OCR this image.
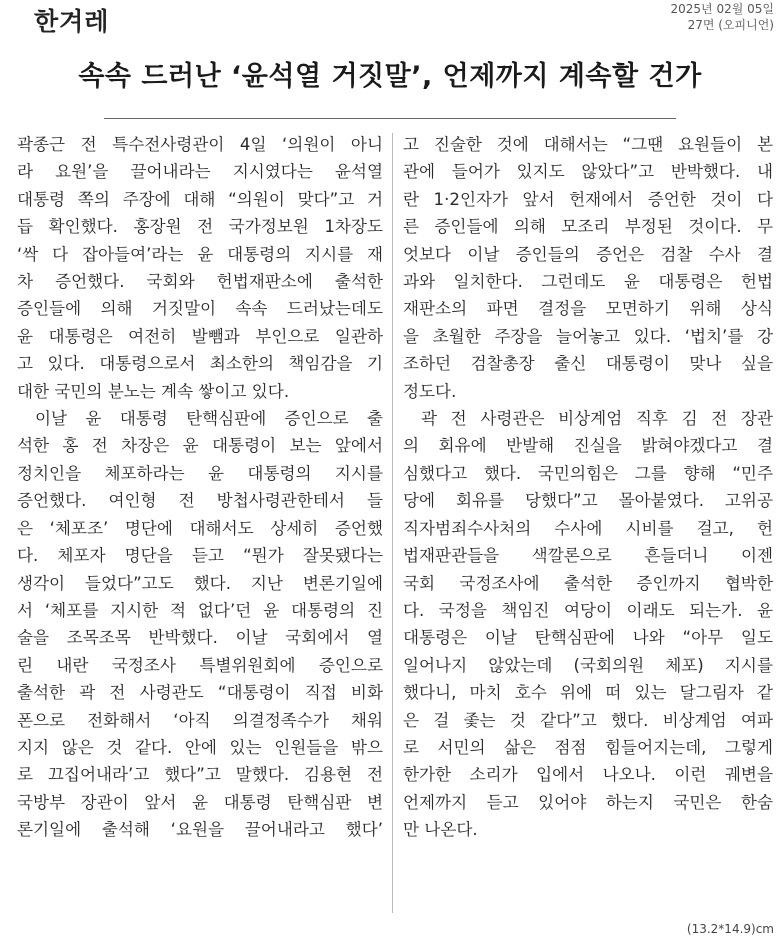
한겨레	2025년 02월 05일
27면 (오피니언)
속속 드러난 ‘윤석열 거짓말’, 언제까지 계속할 건가
곽종근 전 특수전사령관이 4일 ‘의원이 아니
라 요원’을 끌어내라는 지시였다는 윤석열
대통령 쪽의 주장에 대해 “의원이 맞다”고 거
듭 확인했다. 홍장원 전 국가정보원 1차장도
‘싹 다 잡아들여’라는 윤 대통령의 지시를 재
차 증언했다. 국회와 헌법재판소에 출석한
증인들에 의해 거짓말이 속속 드러났는데도
윤 대통령은 여전히 발뺌과 부인으로 일관하
고 있다. 대통령으로서 최소한의 책임감을 기
대한 국민의 분노는 계속 쌓이고 있다.
이날 윤 대통령 탄핵심판에 증인으로 출
석한 홍 전 차장은 윤 대통령이 보는 앞에서
정치인을 체포하라는 윤 대통령의 지시를
증언했다. 여인형 전 방첩사령관한테서 들
은 ‘체포조’ 명단에 대해서도 상세히 증언했
다. 체포자 명단을 듣고 “뭔가 잘못됐다는
생각이 들었다”고도 했다. 지난 변론기일에
서 ‘체포를 지시한 적 없다’던 윤 대통령의 진
술을 조목조목 반박했다. 이날 국회에서 열
린 내란 국정조사 특별위원회에 증인으로
출석한 곽 전 사령관도 “대통령이 직접 비화
폰으로 전화해서 ‘아직 의결정족수가 채워
지지 않은 것 같다. 안에 있는 인원들을 밖으
로 끄집어내라’고 했다”고 말했다. 김용현 전
국방부 장관이 앞서 윤 대통령 탄핵심판 변
론기일에 출석해 ‘요원을 끌어내라고 했다’
고 진술한 것에 대해서는 “그땐 요원들이 본
관에 들어가 있지도 않았다”고 반박했다. 내
란 1·2인자가 앞서 헌재에서 증언한 것이 다
른 증인들에 의해 모조리 부정된 것이다. 무
엇보다 이날 증인들의 증언은 검찰 수사 결
과와 일치한다. 그런데도 윤 대통령은 헌법
재판소의 파면 결정을 모면하기 위해 상식
을 초월한 주장을 늘어놓고 있다. ‘법치’를 강
조하던 검찰총장 출신 대통령이 맞나 싶을
정도다.
곽 전 사령관은 비상계엄 직후 김 전 장관
의 회유에 반발해 진실을 밝혀야겠다고 결
심했다고 했다. 국민의힘은 그를 향해 “민주
당에 회유를 당했다”고 몰아붙였다. 고위공
직자범죄수사처의 수사에 시비를 걸고, 헌
법재판관들을 색깔론으로 흔들더니 이젠
국회 국정조사에 출석한 증인까지 협박한
다. 국정을 책임진 여당이 이래도 되는가. 윤
대통령은 이날 탄핵심판에 나와 “아무 일도
일어나지 않았는데 (국회의원 체포) 지시를
했다니, 마치 호수 위에 떠 있는 달그림자 같
은 걸 좇는 것 같다”고 했다. 비상계엄 여파
로 서민의 삶은 점점 힘들어지는데, 그렇게
한가한 소리가 입에서 나오나. 이런 궤변을
언제까지 듣고 있어야 하는지 국민은 한숨
만 나온다.
(13.2*14.9)cm
